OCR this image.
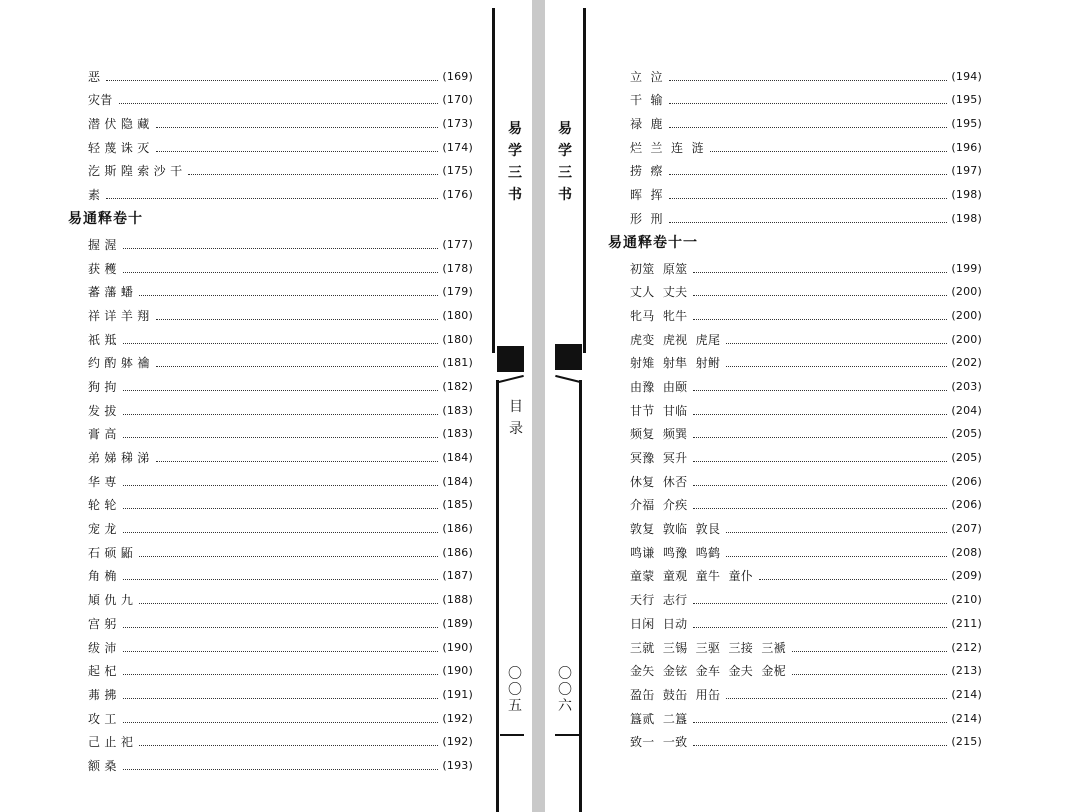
恶	(169)
灾眚	(170)
潜 伏 隐 藏	(173)
轻 蔑 诛 灭	(174)
汔 斯 隍 索 沙 干	(175)
素	(176)
易通释卷十
握 渥	(177)
获 穫	(178)
蕃 藩 蟠	(179)
祥 详 羊 翔	(180)
祇 羝	(180)
约 酌 躰 禴	(181)
狗 拘	(182)
发 拔	(183)
膏 高	(183)
弟 娣 稊 涕	(184)
华 専	(184)
轮 轮	(185)
宠 龙	(186)
石 硕 鼫	(186)
角 桷	(187)
頄 仇 九	(188)
宫 躬	(189)
绂 沛	(190)
起 杞	(190)
茀 拂	(191)
攻 工	(192)
己 止 祀	(192)
额 桑	(193)
易
学
三
书
目
录
〇
〇
五
易
学
三
书
〇
〇
六
立  泣	(194)
干  输	(195)
禄  鹿	(195)
烂  兰  连  涟	(196)
捞  瘵	(197)
晖  挥	(198)
形  刑	(198)
易通释卷十一
初筮  原筮	(199)
丈人  丈夫	(200)
牝马  牝牛	(200)
虎变  虎视  虎尾	(200)
射雉  射隼  射鲋	(202)
由豫  由颐	(203)
甘节  甘临	(204)
频复  频巽	(205)
冥豫  冥升	(205)
休复  休否	(206)
介福  介疾	(206)
敦复  敦临  敦艮	(207)
鸣谦  鸣豫  鸣鹤	(208)
童蒙  童观  童牛  童仆	(209)
天行  志行	(210)
日闲  日动	(211)
三就  三锡  三驱  三接  三褫	(212)
金矢  金铉  金车  金夫  金柅	(213)
盈缶  鼓缶  用缶	(214)
簋贰  二簋	(214)
致一  一致	(215)
